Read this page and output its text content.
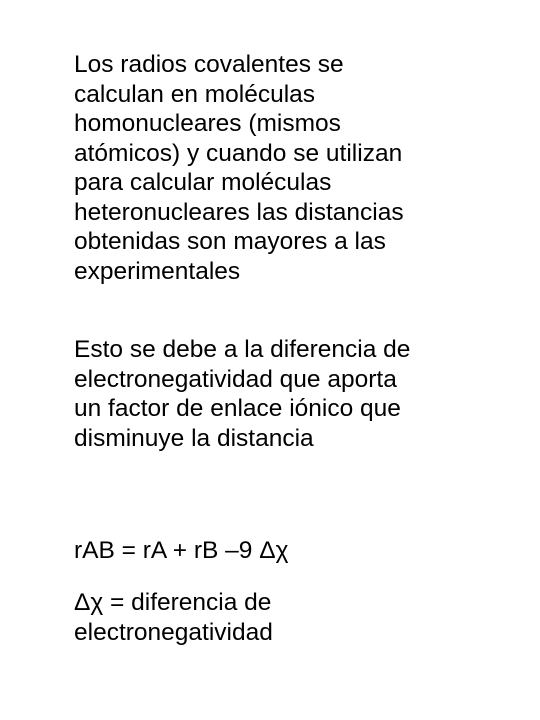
Los radios covalentes se
calculan en moléculas
homonucleares (mismos
atómicos) y cuando se utilizan
para calcular moléculas
heteronucleares las distancias
obtenidas son mayores a las
experimentales

Esto se debe a la diferencia de
electronegatividad que aporta
un factor de enlace iónico que
disminuye la distancia

rAB = rA + rB –9 Δχ

Δχ = diferencia de
electronegatividad
